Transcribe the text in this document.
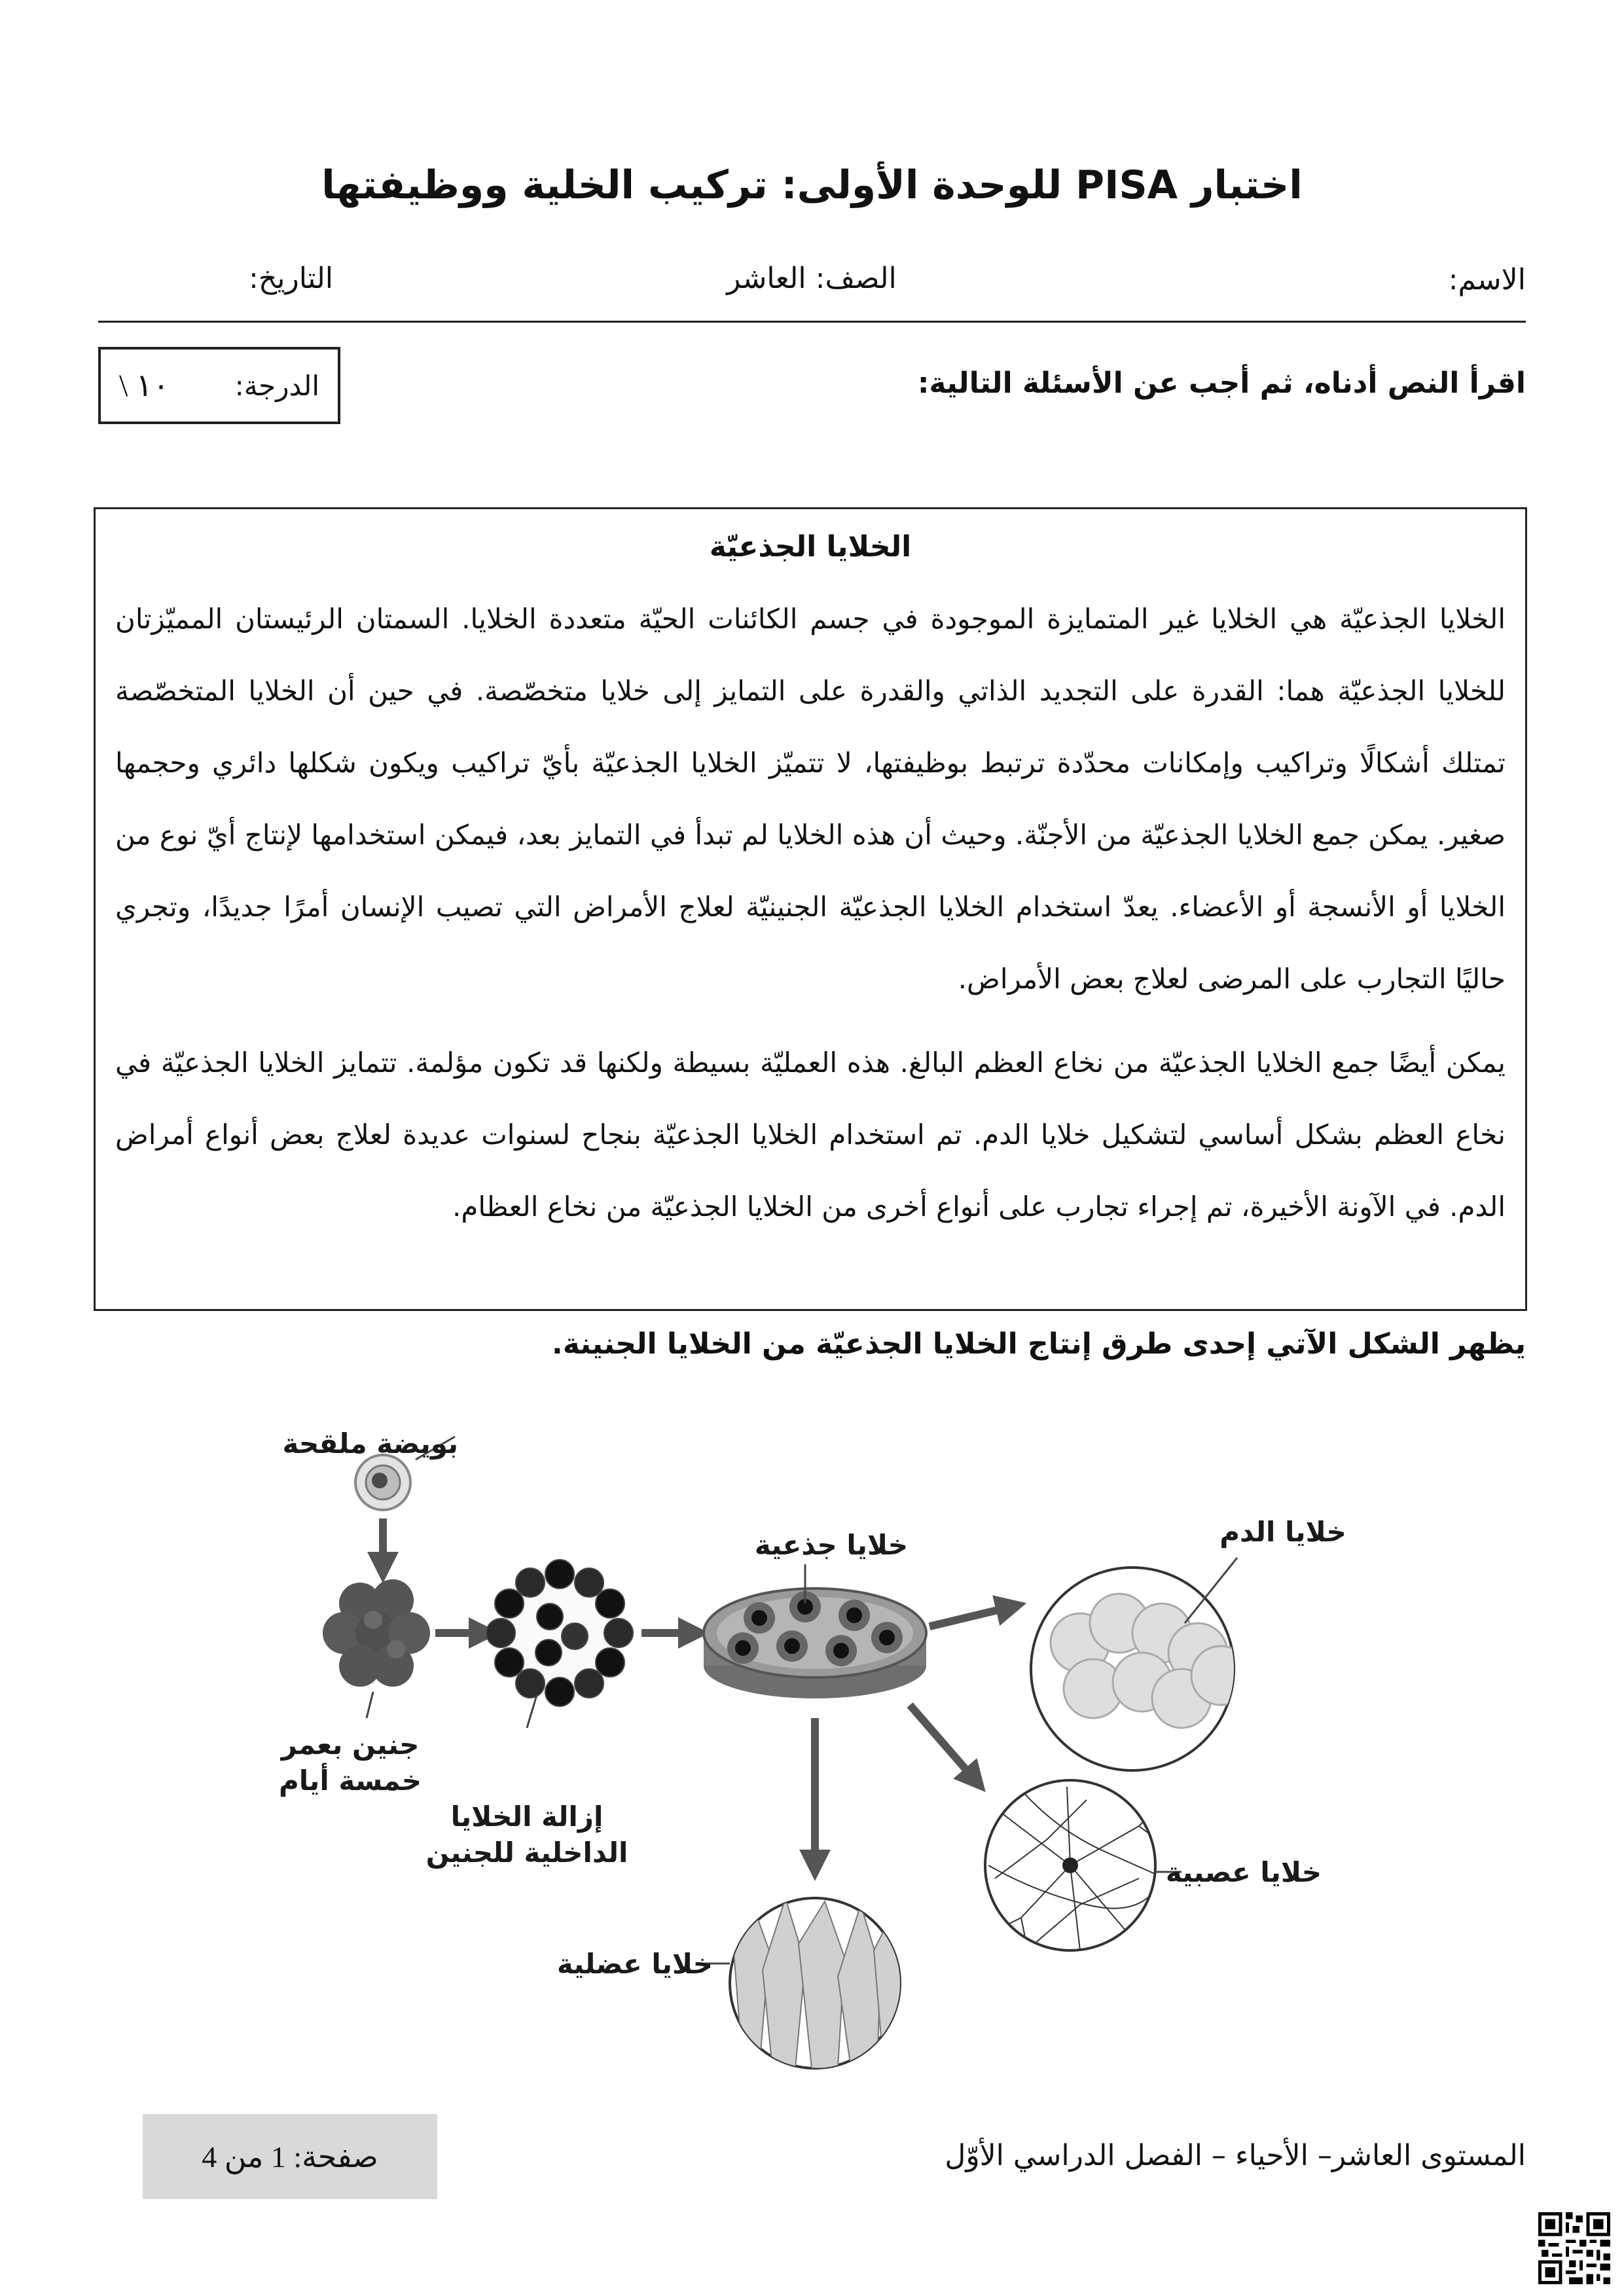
اختبار PISA للوحدة الأولى: تركيب الخلية ووظيفتها
الاسم:
الصف: العاشر
التاريخ:
اقرأ النص أدناه، ثم أجب عن الأسئلة التالية:
الدرجة:
١٠ \
الخلايا الجذعيّة

الخلايا الجذعيّة هي الخلايا غير المتمايزة الموجودة في جسم الكائنات الحيّة متعددة الخلايا. السمتان الرئيستان المميّزتان للخلايا الجذعيّة هما: القدرة على التجديد الذاتي والقدرة على التمايز إلى خلايا متخصّصة. في حين أن الخلايا المتخصّصة تمتلك أشكالًا وتراكيب وإمكانات محدّدة ترتبط بوظيفتها، لا تتميّز الخلايا الجذعيّة بأيّ تراكيب ويكون شكلها دائري وحجمها صغير. يمكن جمع الخلايا الجذعيّة من الأجنّة. وحيث أن هذه الخلايا لم تبدأ في التمايز بعد، فيمكن استخدامها لإنتاج أيّ نوع من الخلايا أو الأنسجة أو الأعضاء. يعدّ استخدام الخلايا الجذعيّة الجنينيّة لعلاج الأمراض التي تصيب الإنسان أمرًا جديدًا، وتجري حاليًا التجارب على المرضى لعلاج بعض الأمراض.

يمكن أيضًا جمع الخلايا الجذعيّة من نخاع العظم البالغ. هذه العمليّة بسيطة ولكنها قد تكون مؤلمة. تتمايز الخلايا الجذعيّة في نخاع العظم بشكل أساسي لتشكيل خلايا الدم. تم استخدام الخلايا الجذعيّة بنجاح لسنوات عديدة لعلاج بعض أنواع أمراض الدم. في الآونة الأخيرة، تم إجراء تجارب على أنواع أخرى من الخلايا الجذعيّة من نخاع العظام.

يظهر الشكل الآتي إحدى طرق إنتاج الخلايا الجذعيّة من الخلايا الجنينة.
بويضة ملقحة
جنين بعمر
خمسة أيام
إزالة الخلايا
الداخلية للجنين
خلايا جذعية	خلايا الدم
خلايا عصبية
خلايا عضلية
صفحة: 1 من 4	المستوى العاشر– الأحياء – الفصل الدراسي الأوّل
